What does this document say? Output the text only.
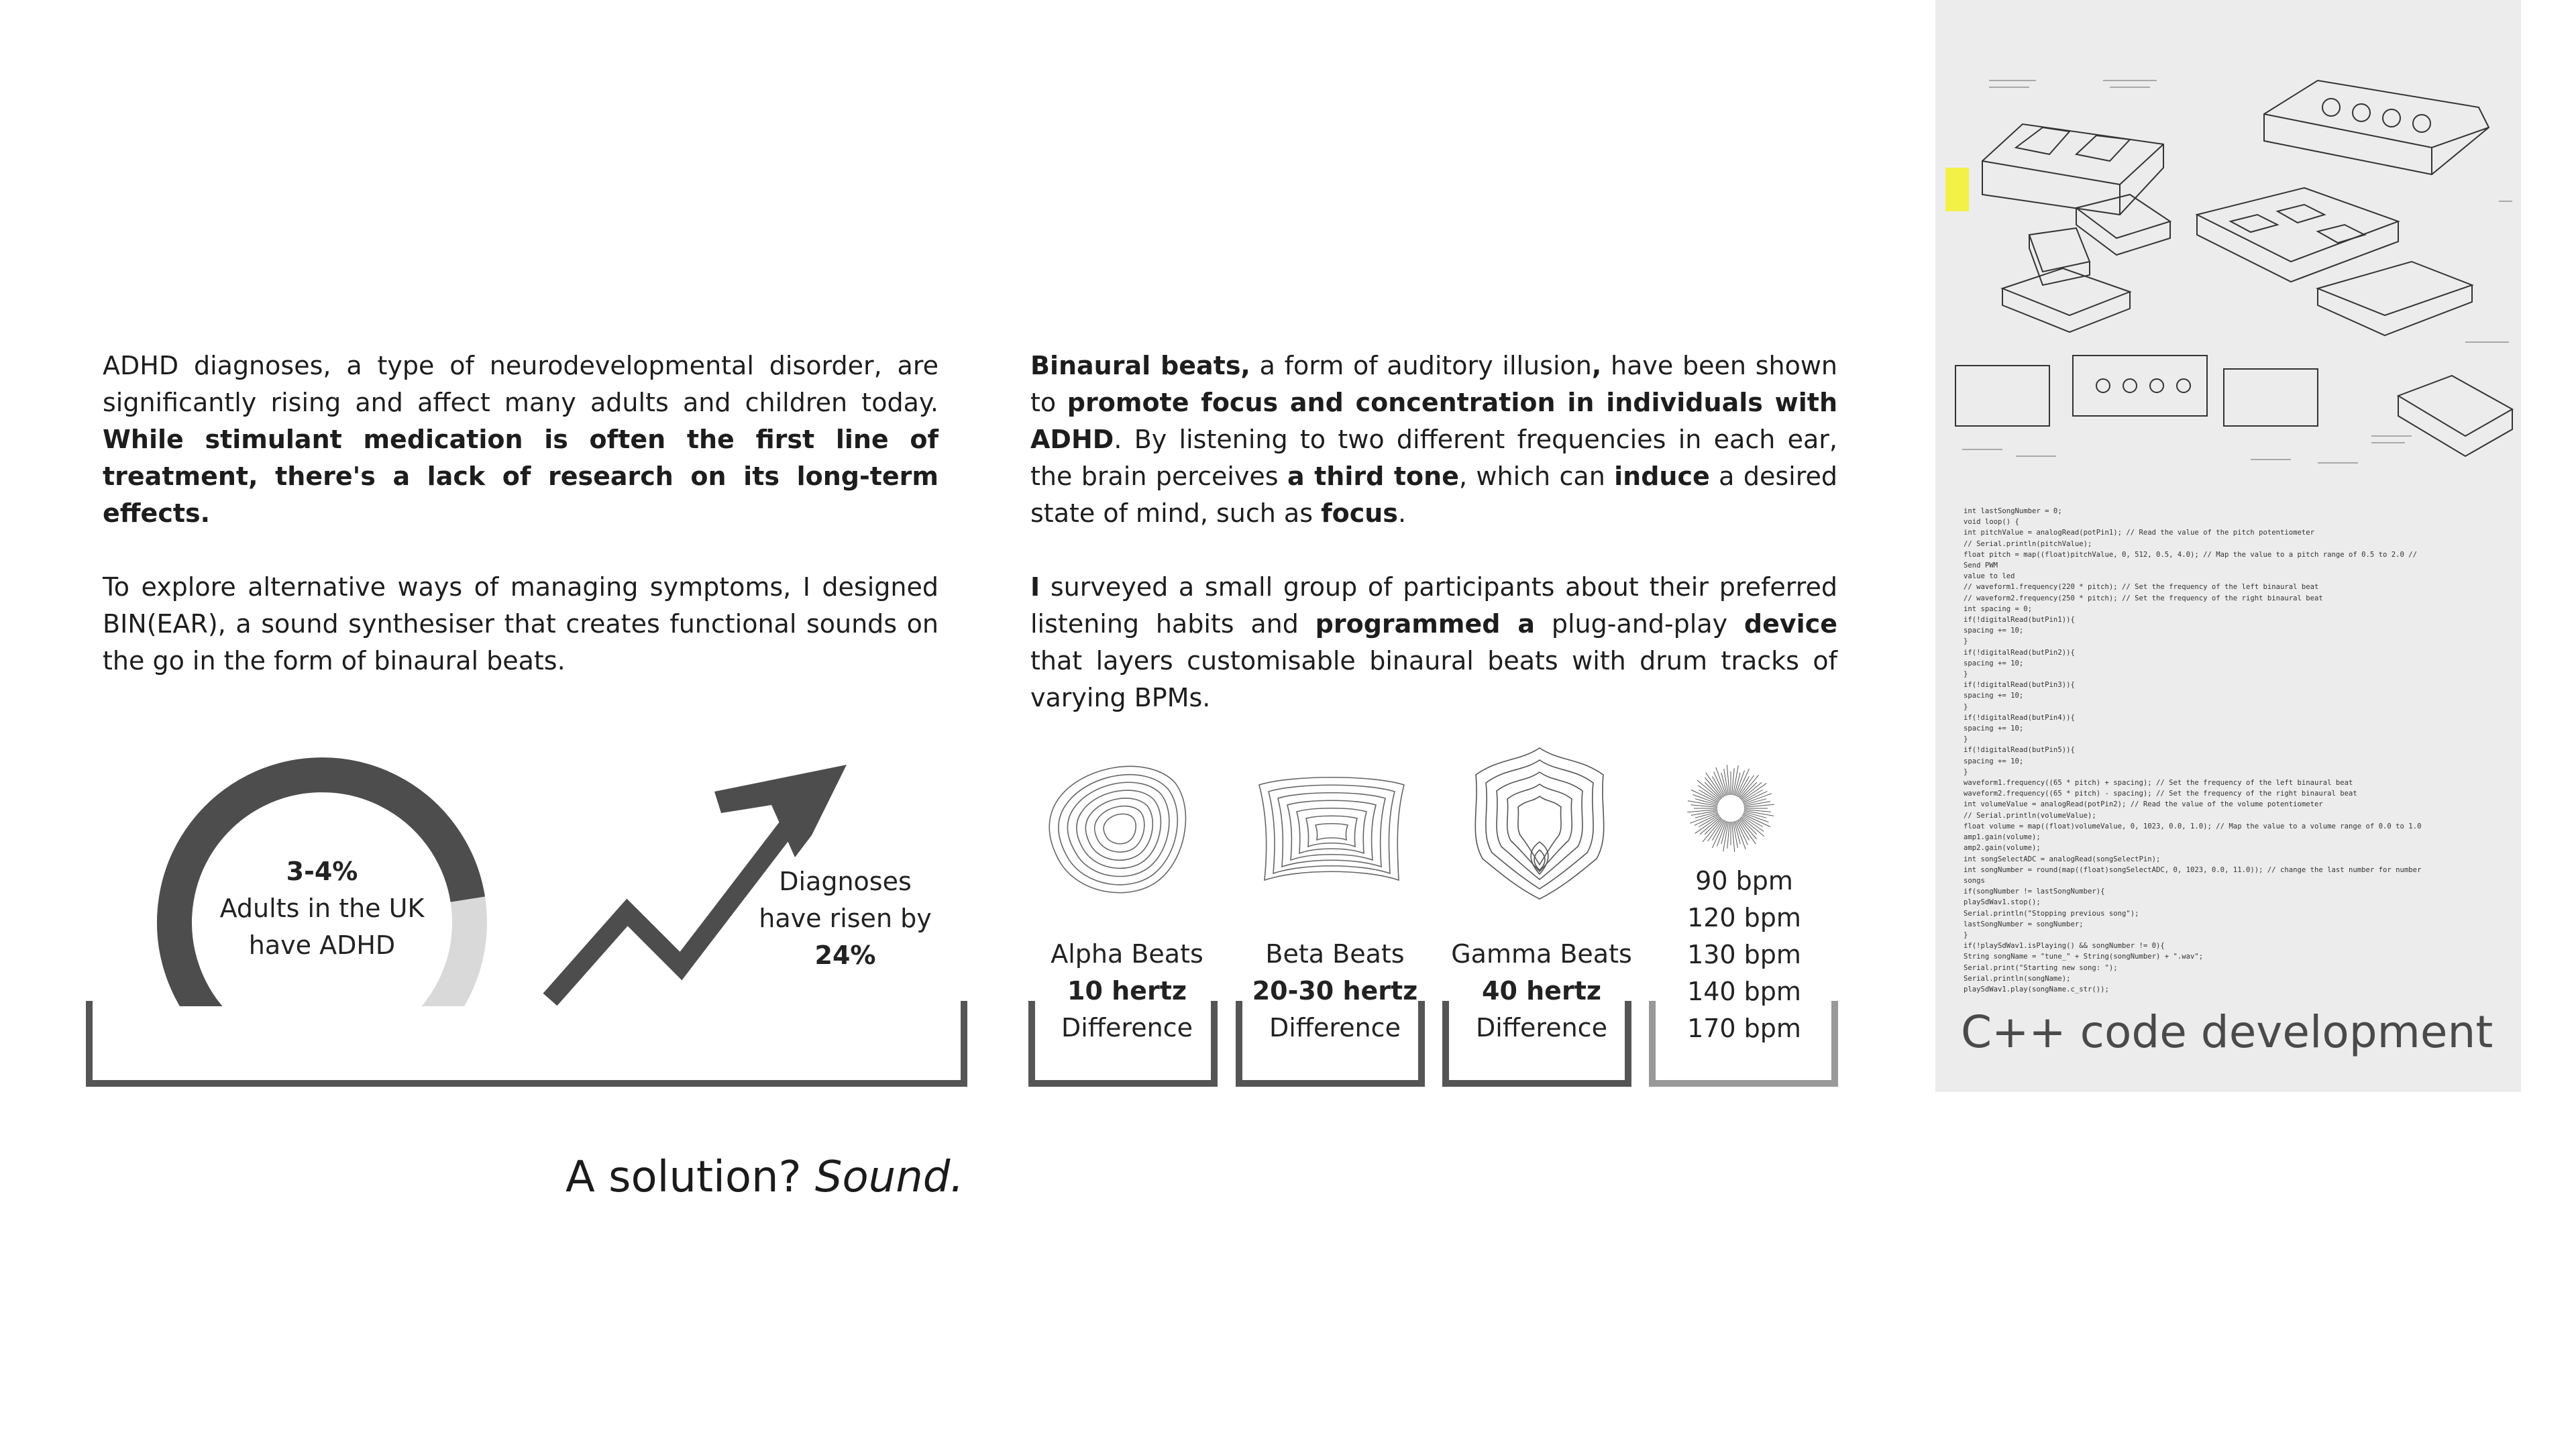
ADHD diagnoses, a type of neurodevelopmental disorder, are significantly rising and affect many adults and children today. While stimulant medication is often the first line of treatment, there's a lack of research on its long-term effects.

To explore alternative ways of managing symptoms, I designed BIN(EAR), a sound synthesiser that creates functional sounds on the go in the form of binaural beats.

Binaural beats, a form of auditory illusion, have been shown to promote focus and concentration in individuals with ADHD. By listening to two different frequencies in each ear, the brain perceives a third tone, which can induce a desired state of mind, such as focus.

I surveyed a small group of participants about their preferred listening habits and programmed a plug-and-play device that layers customisable binaural beats with drum tracks of varying BPMs.

3-4%
Adults in the UK
have ADHD
Diagnoses
have risen by
24%	Alpha Beats
10 hertz
Difference
Beta Beats
20-30 hertz
Difference
Gamma Beats
40 hertz
Difference
90 bpm
120 bpm
130 bpm
140 bpm
170 bpm
A solution? Sound.
int lastSongNumber = 0;
void loop() {
int pitchValue = analogRead(potPin1); // Read the value of the pitch potentiometer
// Serial.println(pitchValue);
float pitch = map((float)pitchValue, 0, 512, 0.5, 4.0); // Map the value to a pitch range of 0.5 to 2.0 //
Send PWM
value to led
// waveform1.frequency(220 * pitch); // Set the frequency of the left binaural beat
// waveform2.frequency(250 * pitch); // Set the frequency of the right binaural beat
int spacing = 0;
if(!digitalRead(butPin1)){
spacing += 10;
}
if(!digitalRead(butPin2)){
spacing += 10;
}
if(!digitalRead(butPin3)){
spacing += 10;
}
if(!digitalRead(butPin4)){
spacing += 10;
}
if(!digitalRead(butPin5)){
spacing += 10;
}
waveform1.frequency((65 * pitch) + spacing); // Set the frequency of the left binaural beat
waveform2.frequency((65 * pitch) - spacing); // Set the frequency of the right binaural beat
int volumeValue = analogRead(potPin2); // Read the value of the volume potentiometer
// Serial.println(volumeValue);
float volume = map((float)volumeValue, 0, 1023, 0.0, 1.0); // Map the value to a volume range of 0.0 to 1.0
amp1.gain(volume);
amp2.gain(volume);
int songSelectADC = analogRead(songSelectPin);
int songNumber = round(map((float)songSelectADC, 0, 1023, 0.0, 11.0)); // change the last number for number
songs
if(songNumber != lastSongNumber){
playSdWav1.stop();
Serial.println("Stopping previous song");
lastSongNumber = songNumber;
}
if(!playSdWav1.isPlaying() && songNumber != 0){
String songName = "tune_" + String(songNumber) + ".wav";
Serial.print("Starting new song: ");
Serial.println(songName);
playSdWav1.play(songName.c_str());
C++ code development
